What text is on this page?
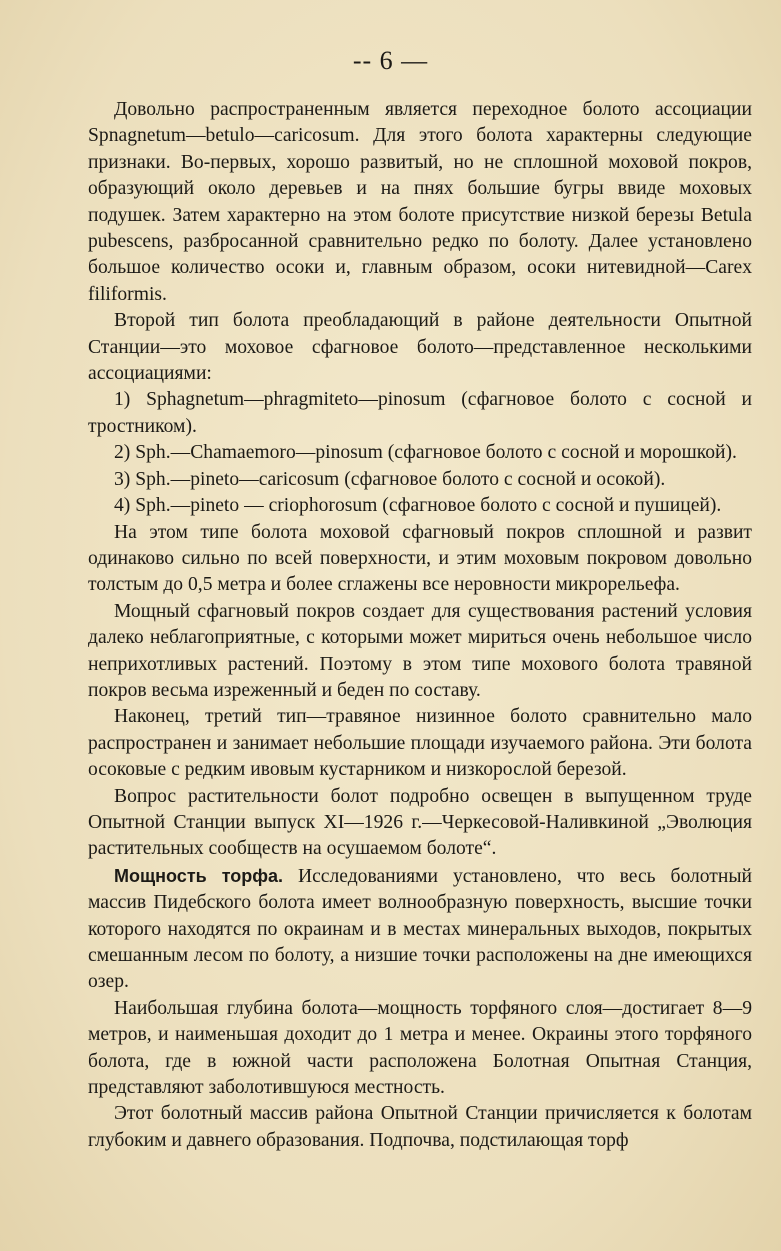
-- 6 —

Довольно распространенным является переходное болото ассоциации Spnagnetum—betulo—caricosum. Для этого болота характерны следующие признаки. Во-первых, хорошо развитый, но не сплошной моховой покров, образующий около деревьев и на пнях большие бугры ввиде моховых подушек. Затем характерно на этом болоте присутствие низкой березы Betula pubescens, разбросанной сравнительно редко по болоту. Далее установлено большое количество осоки и, главным образом, осоки нитевидной—Carex filiformis.

Второй тип болота преобладающий в районе деятельности Опытной Станции—это моховое сфагновое болото—представленное несколькими ассоциациями:

1) Sphagnetum—phragmiteto—pinosum (сфагновое болото с сосной и тростником).

2) Sph.—Chamaemoro—pinosum (сфагновое болото с сосной и морошкой).

3) Sph.—pineto—caricosum (сфагновое болото с сосной и осокой).

4) Sph.—pineto — criophorosum (сфагновое болото с сосной и пушицей).

На этом типе болота моховой сфагновый покров сплошной и развит одинаково сильно по всей поверхности, и этим моховым покровом довольно толстым до 0,5 метра и более сглажены все неровности микрорельефа.

Мощный сфагновый покров создает для существования растений условия далеко неблагоприятные, с которыми может мириться очень небольшое число неприхотливых растений. Поэтому в этом типе мохового болота травяной покров весьма изреженный и беден по составу.

Наконец, третий тип—травяное низинное болото сравнительно мало распространен и занимает небольшие площади изучаемого района. Эти болота осоковые с редким ивовым кустарником и низкорослой березой.

Вопрос растительности болот подробно освещен в выпущенном труде Опытной Станции выпуск XI—1926 г.—Черкесовой-Наливкиной „Эволюция растительных сообществ на осушаемом болоте“.

Мощность торфа. Исследованиями установлено, что весь болотный массив Пидебского болота имеет волнообразную поверхность, высшие точки которого находятся по окраинам и в местах минеральных выходов, покрытых смешанным лесом по болоту, а низшие точки расположены на дне имеющихся озер.

Наибольшая глубина болота—мощность торфяного слоя—достигает 8—9 метров, и наименьшая доходит до 1 метра и менее. Окраины этого торфяного болота, где в южной части расположена Болотная Опытная Станция, представляют заболотившуюся местность.

Этот болотный массив района Опытной Станции причисляется к болотам глубоким и давнего образования. Подпочва, подстилающая торф
